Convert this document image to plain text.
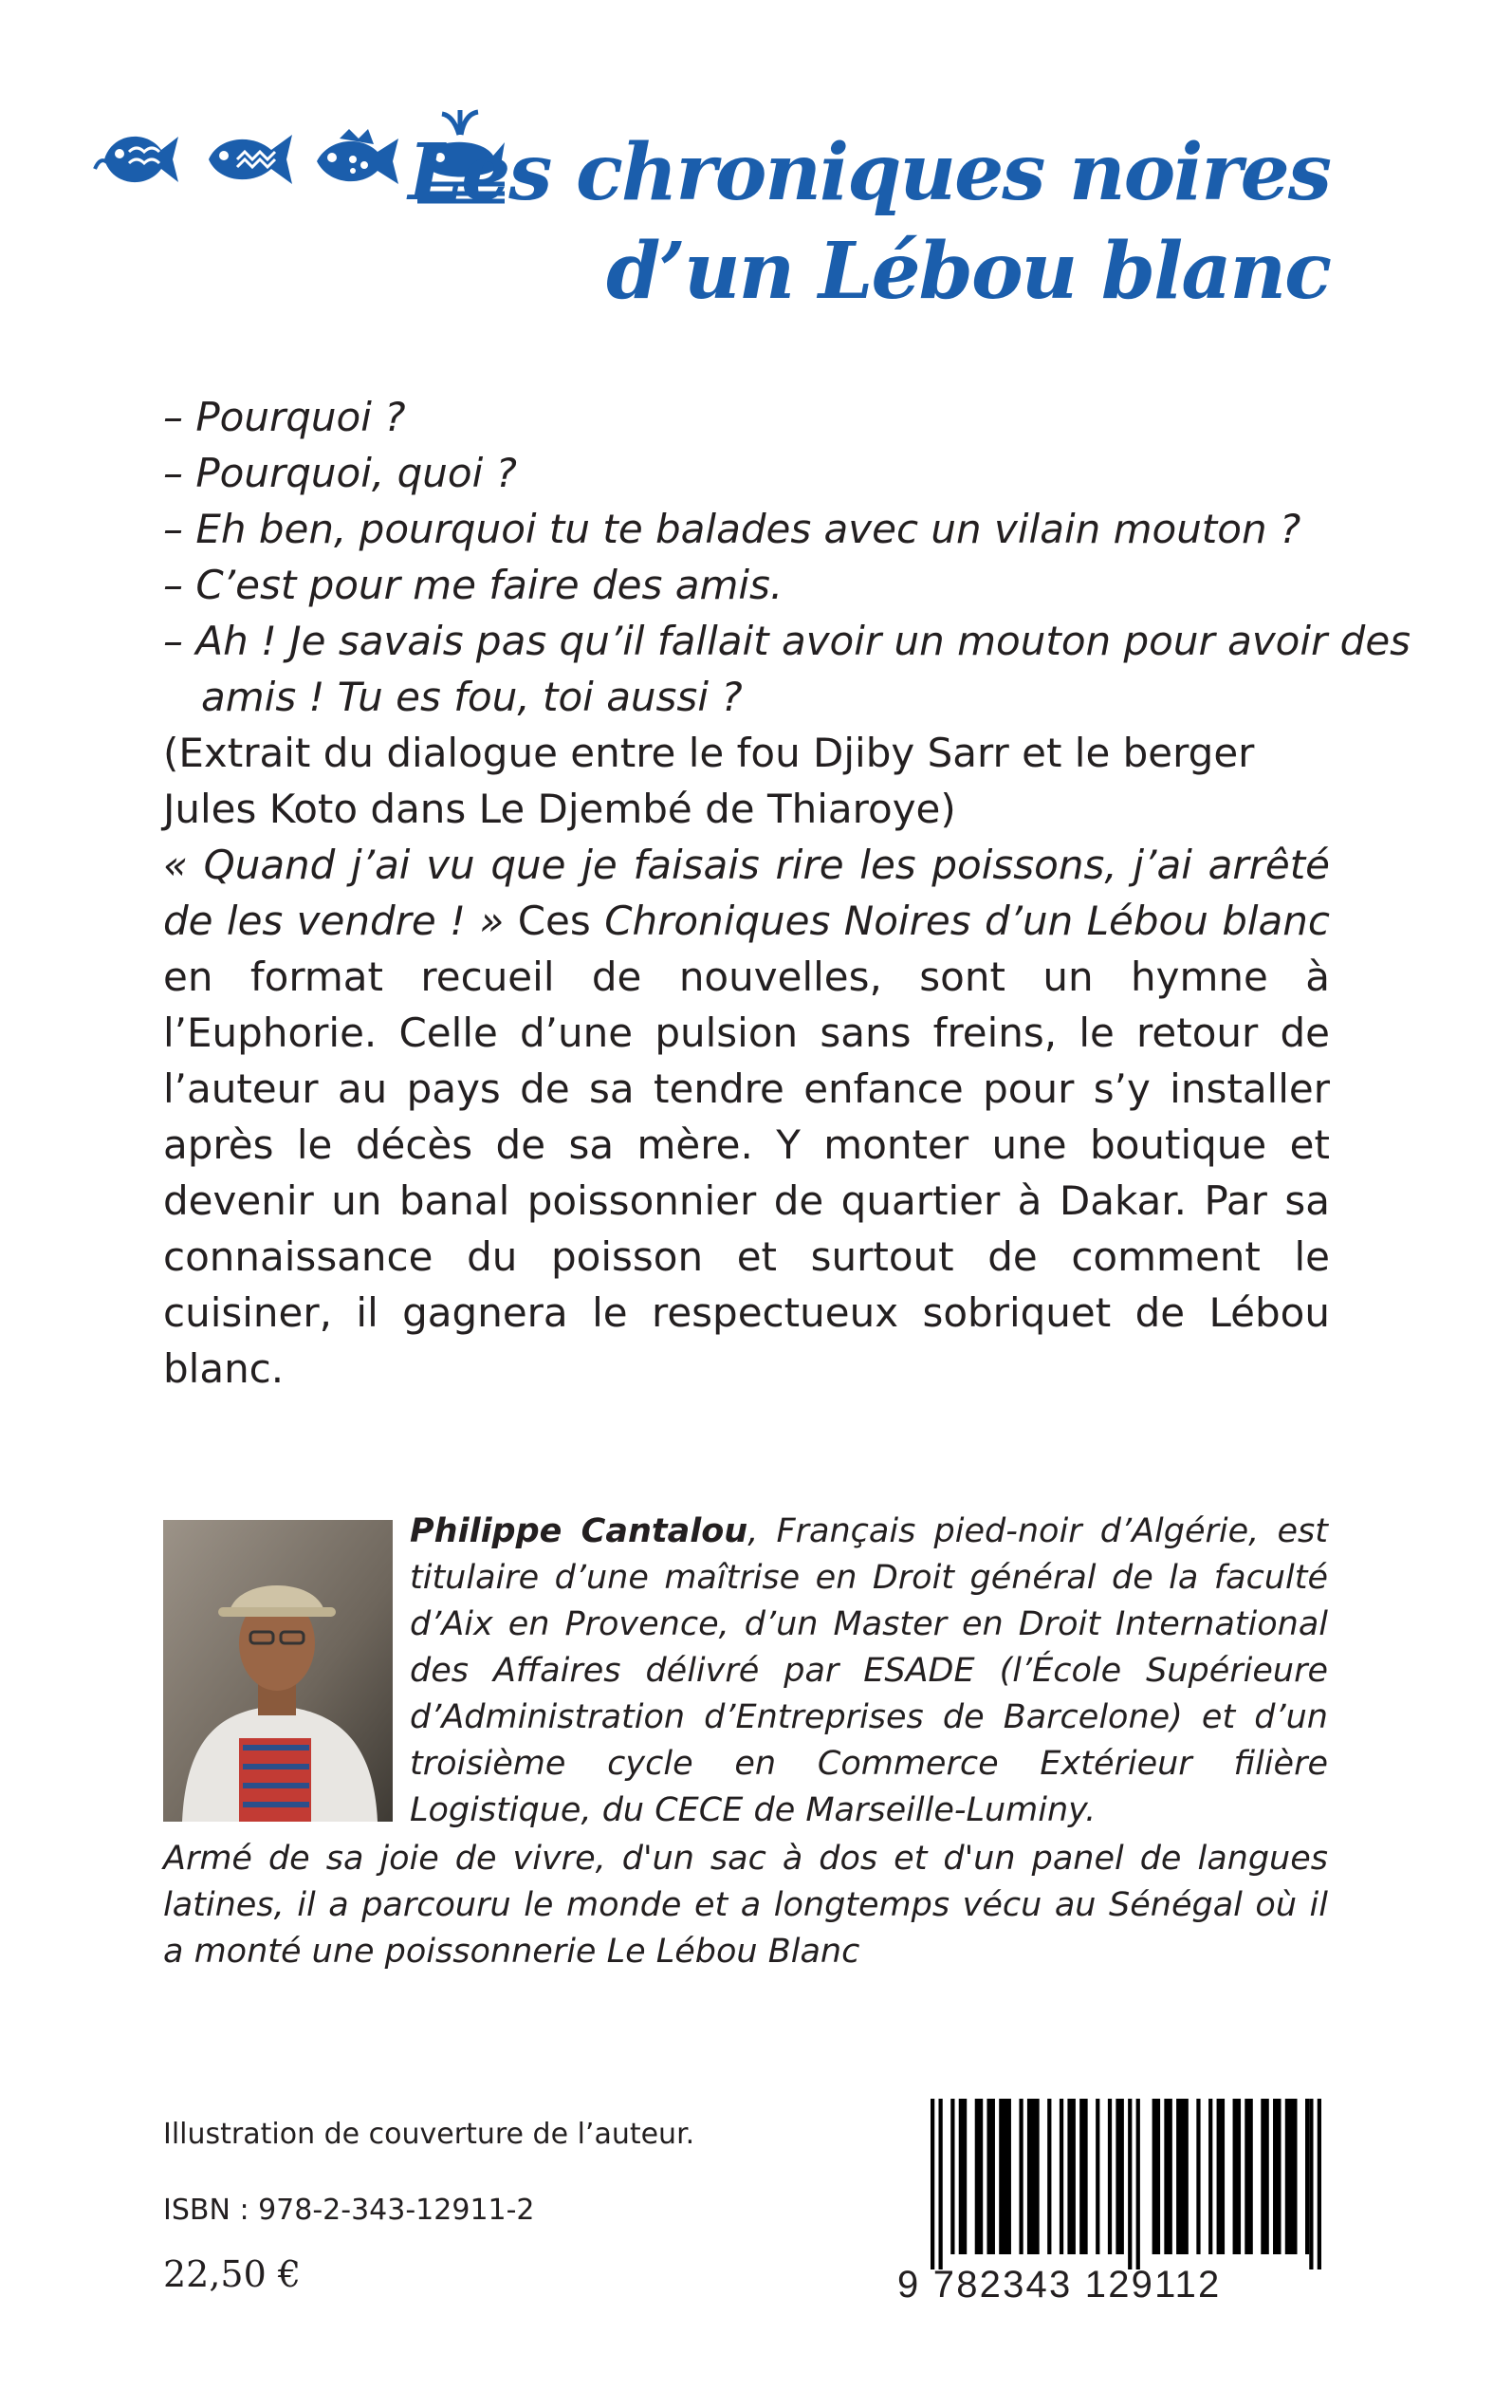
Les chroniques noires
d’un Lébou blanc
– Pourquoi ?
– Pourquoi, quoi ?
– Eh ben, pourquoi tu te balades avec un vilain mouton ?
– C’est pour me faire des amis.
– Ah ! Je savais pas qu’il fallait avoir un mouton pour avoir des
amis ! Tu es fou, toi aussi ?
(Extrait du dialogue entre le fou Djiby Sarr et le berger
Jules Koto dans Le Djembé de Thiaroye)
« Quand j’ai vu que je faisais rire les poissons, j’ai arrêté de les vendre ! » Ces Chroniques Noires d’un Lébou blanc en format recueil de nouvelles, sont un hymne à l’Euphorie. Celle d’une pulsion sans freins, le retour de l’auteur au pays de sa tendre enfance pour s’y installer après le décès de sa mère. Y monter une boutique et devenir un banal poissonnier de quartier à Dakar. Par sa connaissance du poisson et surtout de comment le cuisiner, il gagnera le respectueux sobriquet de Lébou blanc.
Philippe Cantalou, Français pied-noir d’Algérie, est titulaire d’une maîtrise en Droit général de la faculté d’Aix en Provence, d’un Master en Droit International des Affaires délivré par ESADE (l’École Supérieure d’Administration d’Entreprises de Barcelone) et d’un troisième cycle en Commerce Extérieur filière Logistique, du CECE de Marseille-Luminy.
Armé de sa joie de vivre, d'un sac à dos et d'un panel de langues latines, il a parcouru le monde et a longtemps vécu au Sénégal où il a monté une poissonnerie Le Lébou Blanc
Illustration de couverture de l’auteur.
ISBN : 978-2-343-12911-2
22,50 €	9 782343 129112
